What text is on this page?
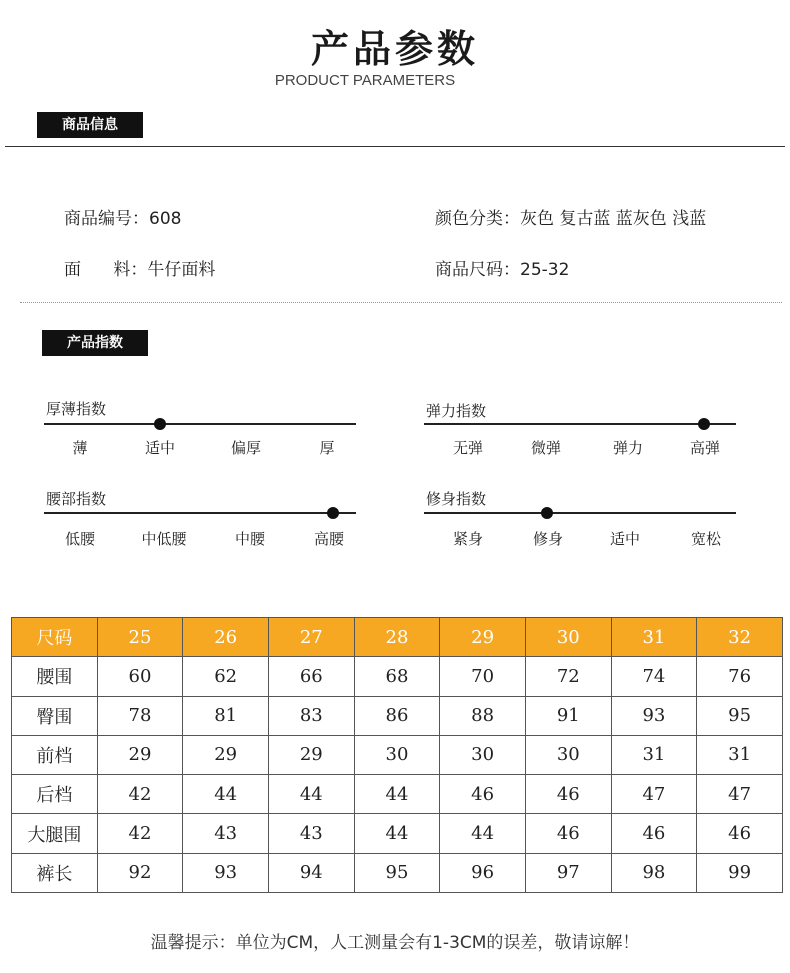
产品参数
PRODUCT PARAMETERS
商品信息
商品编号：608	颜色分类：灰色 复古蓝 蓝灰色 浅蓝
面      料：牛仔面料	商品尺码：25-32
产品指数
厚薄指数
薄	适中	偏厚	厚
弹力指数
无弹	微弹	弹力	高弹
腰部指数
低腰	中低腰	中腰	高腰
修身指数
紧身	修身	适中	宽松
尺码	25	26	27	28	29	30	31	32
腰围	60	62	66	68	70	72	74	76
臀围	78	81	83	86	88	91	93	95
前档	29	29	29	30	30	30	31	31
后档	42	44	44	44	46	46	47	47
大腿围	42	43	43	44	44	46	46	46
裤长	92	93	94	95	96	97	98	99
温馨提示：单位为CM，人工测量会有1-3CM的误差，敬请谅解！
